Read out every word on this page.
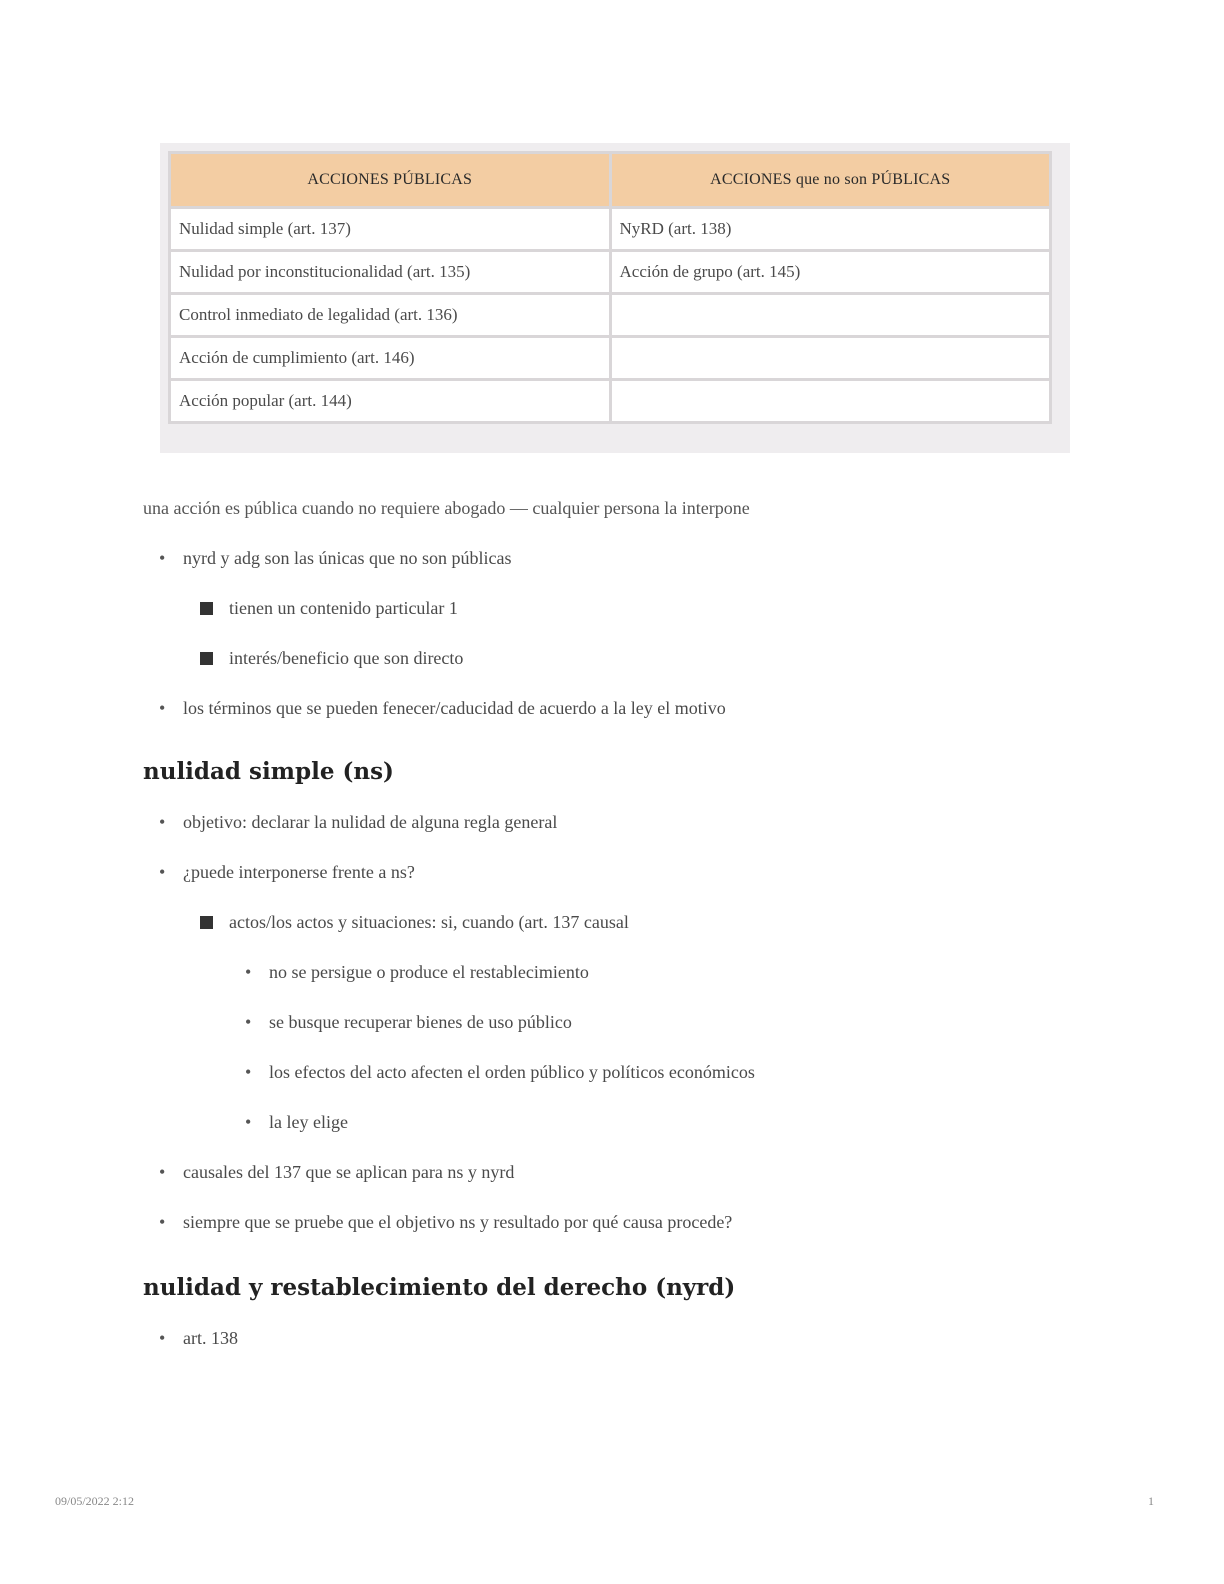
ACCIONES PÚBLICAS	ACCIONES que no son PÚBLICAS
Nulidad simple (art. 137)	NyRD (art. 138)
Nulidad por inconstitucionalidad (art. 135)	Acción de grupo (art. 145)
Control inmediato de legalidad (art. 136)	
Acción de cumplimiento (art. 146)	
Acción popular (art. 144)	
una acción es pública cuando no requiere abogado — cualquier persona la interpone
•
nyrd y adg son las únicas que no son públicas
tienen un contenido particular 1
interés/beneficio que son directo
•
los términos que se pueden fenecer/caducidad de acuerdo a la ley el motivo
nulidad simple (ns)
•
objetivo: declarar la nulidad de alguna regla general
•
¿puede interponerse frente a ns?
actos/los actos y situaciones: si, cuando (art. 137 causal
•
no se persigue o produce el restablecimiento
•
se busque recuperar bienes de uso público
•
los efectos del acto afecten el orden público y políticos económicos
•
la ley elige
•
causales del 137 que se aplican para ns y nyrd
•
siempre que se pruebe que el objetivo ns y resultado por qué causa procede?
nulidad y restablecimiento del derecho (nyrd)
•
art. 138
09/05/2022 2:12	1
